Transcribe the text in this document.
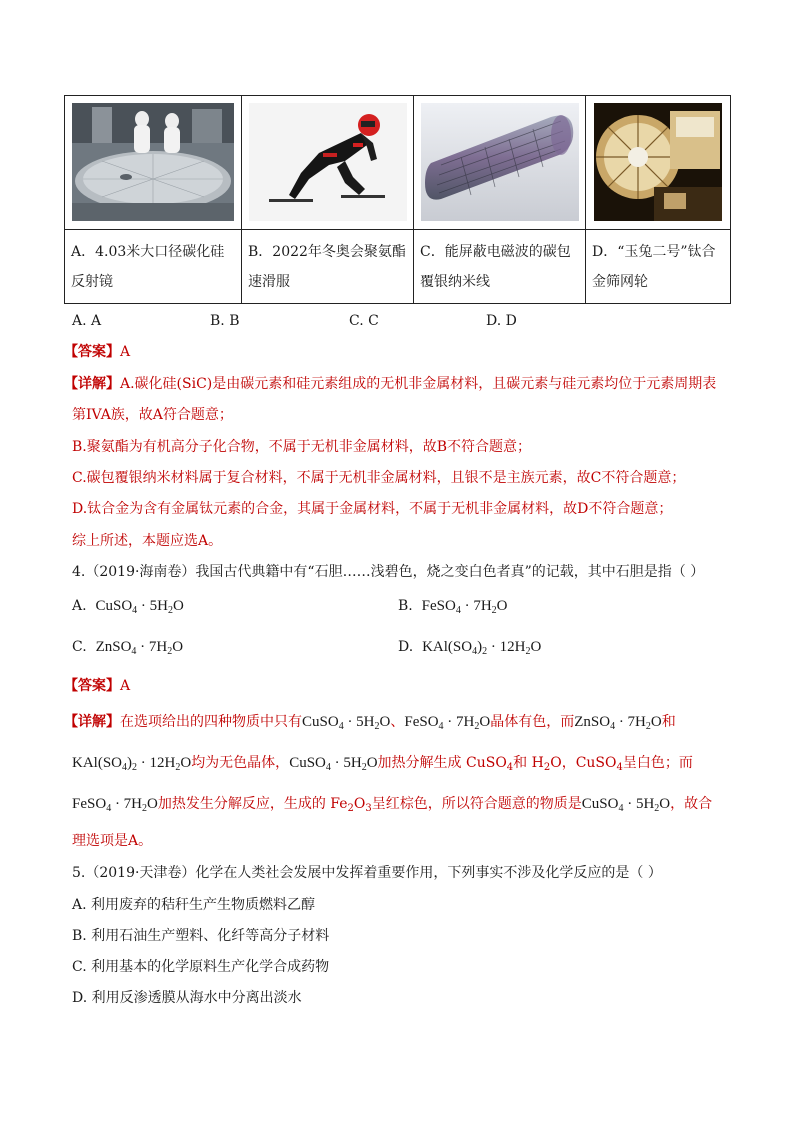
A．4.03米大口径碳化硅反射镜	B．2022年冬奥会聚氨酯速滑服	C．能屏蔽电磁波的碳包覆银纳米线	D．“玉兔二号”钛合金筛网轮
A. A	B. B	C. C	D. D
【答案】A
【详解】A.碳化硅(SiC)是由碳元素和硅元素组成的无机非金属材料，且碳元素与硅元素均位于元素周期表
第IVA族，故A符合题意；
B.聚氨酯为有机高分子化合物，不属于无机非金属材料，故B不符合题意；
C.碳包覆银纳米材料属于复合材料，不属于无机非金属材料，且银不是主族元素，故C不符合题意；
D.钛合金为含有金属钛元素的合金，其属于金属材料，不属于无机非金属材料，故D不符合题意；
综上所述，本题应选A。
4.（2019·海南卷）我国古代典籍中有“石胆……浅碧色，烧之变白色者真”的记载，其中石胆是指（ ）
A. CuSO$_4$ · $5H_2O$	B. FeSO$_4$ · $7H_2O$
C. ZnSO$_4$ · $7H_2O$	D. $KAl(SO_4)_2 \cdot 12H_2O$
【答案】A
【详解】在选项给出的四种物质中只有CuSO$_4$ · $5H_2O$、FeSO$_4$ · $7H_2O$晶体有色，而ZnSO$_4$ · $7H_2O$和
$KAl(SO_4)_2 \cdot 12H_2O$均为无色晶体，CuSO$_4$ · $5H_2O$加热分解生成 CuSO$_4$和 $H_2O$，CuSO$_4$呈白色；而
FeSO$_4$ · $7H_2O$加热发生分解反应，生成的 $Fe_2O_3$呈红棕色，所以符合题意的物质是CuSO$_4$ · $5H_2O$，故合
理选项是A。
5.（2019·天津卷）化学在人类社会发展中发挥着重要作用，下列事实不涉及化学反应的是（ ）
A. 利用废弃的秸秆生产生物质燃料乙醇
B. 利用石油生产塑料、化纤等高分子材料
C. 利用基本的化学原料生产化学合成药物
D. 利用反渗透膜从海水中分离出淡水
